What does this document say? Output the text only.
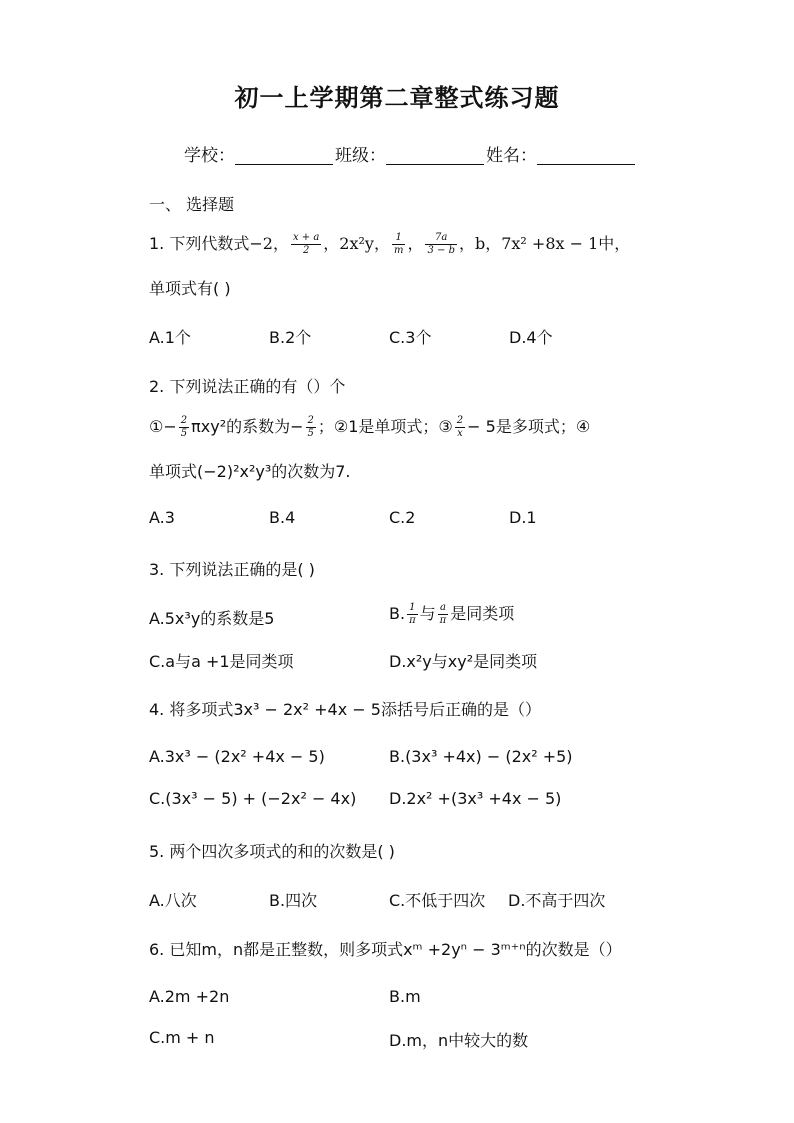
初一上学期第二章整式练习题
学校：	班级：	姓名：
一、 选择题
1. 下列代数式−2， $\frac{x + a}{2}$ ，2x²y， $\frac{1}{m}$ ， $\frac{7a}{3 - b}$ ，b，7x² +8x − 1中，
单项式有( )
A.1个	B.2个	C.3个	D.4个
2. 下列说法正确的有（）个
①− $\frac{2}{5} \pi xy^2$的系数为− $\frac{2}{5}$ ；②1是单项式；③ $\frac{2}{x} - 5$是多项式；④
单项式(−2)²x²y³的次数为7.
A.3	B.4	C.2	D.1
3. 下列说法正确的是( )
A.5x³y的系数是5	B. $\frac{1}{\pi}$ 与 $\frac{a}{\pi}$ 是同类项
C.a与a +1是同类项	D.x²y与xy²是同类项
4. 将多项式3x³ − 2x² +4x − 5添括号后正确的是（）
A.3x³ − (2x² +4x − 5)	B.(3x³ +4x) − (2x² +5)
C.(3x³ − 5) + (−2x² − 4x) D.2x² +(3x³ +4x − 5)
5. 两个四次多项式的和的次数是( )
A.八次	B.四次	C.不低于四次 D.不高于四次
6. 已知m，n都是正整数，则多项式xᵐ +2yⁿ − 3ᵐ⁺ⁿ的次数是（）
A.2m +2n	B.m
C.m + n	D.m，n中较大的数
